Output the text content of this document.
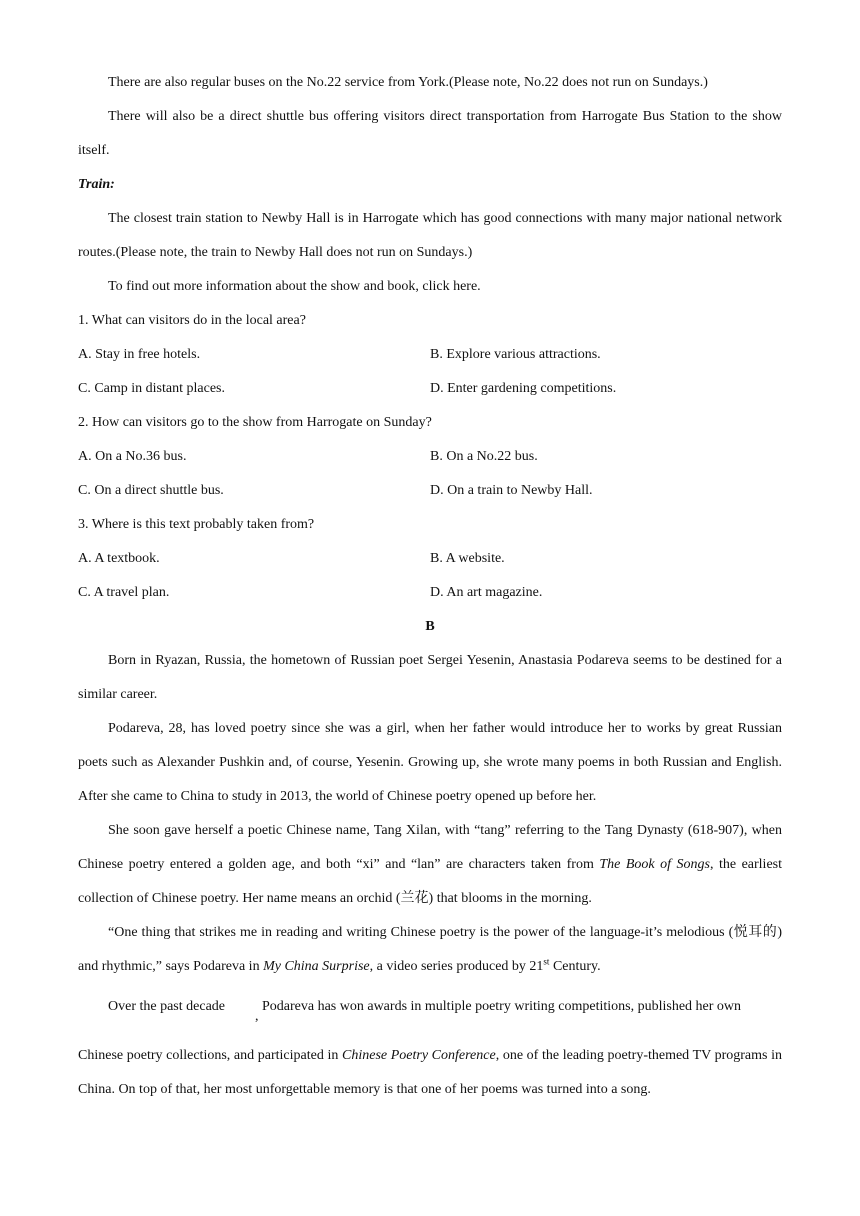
There are also regular buses on the No.22 service from York.(Please note, No.22 does not run on Sundays.)

There will also be a direct shuttle bus offering visitors direct transportation from Harrogate Bus Station to the show itself.

Train:

The closest train station to Newby Hall is in Harrogate which has good connections with many major national network routes.(Please note, the train to Newby Hall does not run on Sundays.)

To find out more information about the show and book, click here.

1. What can visitors do in the local area?
A. Stay in free hotels.	B. Explore various attractions.
C. Camp in distant places.	D. Enter gardening competitions.
2. How can visitors go to the show from Harrogate on Sunday?
A. On a No.36 bus.	B. On a No.22 bus.
C. On a direct shuttle bus.	D. On a train to Newby Hall.
3. Where is this text probably taken from?
A. A textbook.	B. A website.
C. A travel plan.	D. An art magazine.
B

Born in Ryazan, Russia, the hometown of Russian poet Sergei Yesenin, Anastasia Podareva seems to be destined for a similar career.

Podareva, 28, has loved poetry since she was a girl, when her father would introduce her to works by great Russian poets such as Alexander Pushkin and, of course, Yesenin. Growing up, she wrote many poems in both Russian and English. After she came to China to study in 2013, the world of Chinese poetry opened up before her.

She soon gave herself a poetic Chinese name, Tang Xilan, with “tang” referring to the Tang Dynasty (618-907), when Chinese poetry entered a golden age, and both “xi” and “lan” are characters taken from The Book of Songs, the earliest collection of Chinese poetry. Her name means an orchid (兰花) that blooms in the morning.

“One thing that strikes me in reading and writing Chinese poetry is the power of the language-it’s melodious (悦耳的) and rhythmic,” says Podareva in My China Surprise, a video series produced by 21st Century.

Over the past decade, Podareva has won awards in multiple poetry writing competitions, published her own

Chinese poetry collections, and participated in Chinese Poetry Conference, one of the leading poetry-themed TV programs in China. On top of that, her most unforgettable memory is that one of her poems was turned into a song.
